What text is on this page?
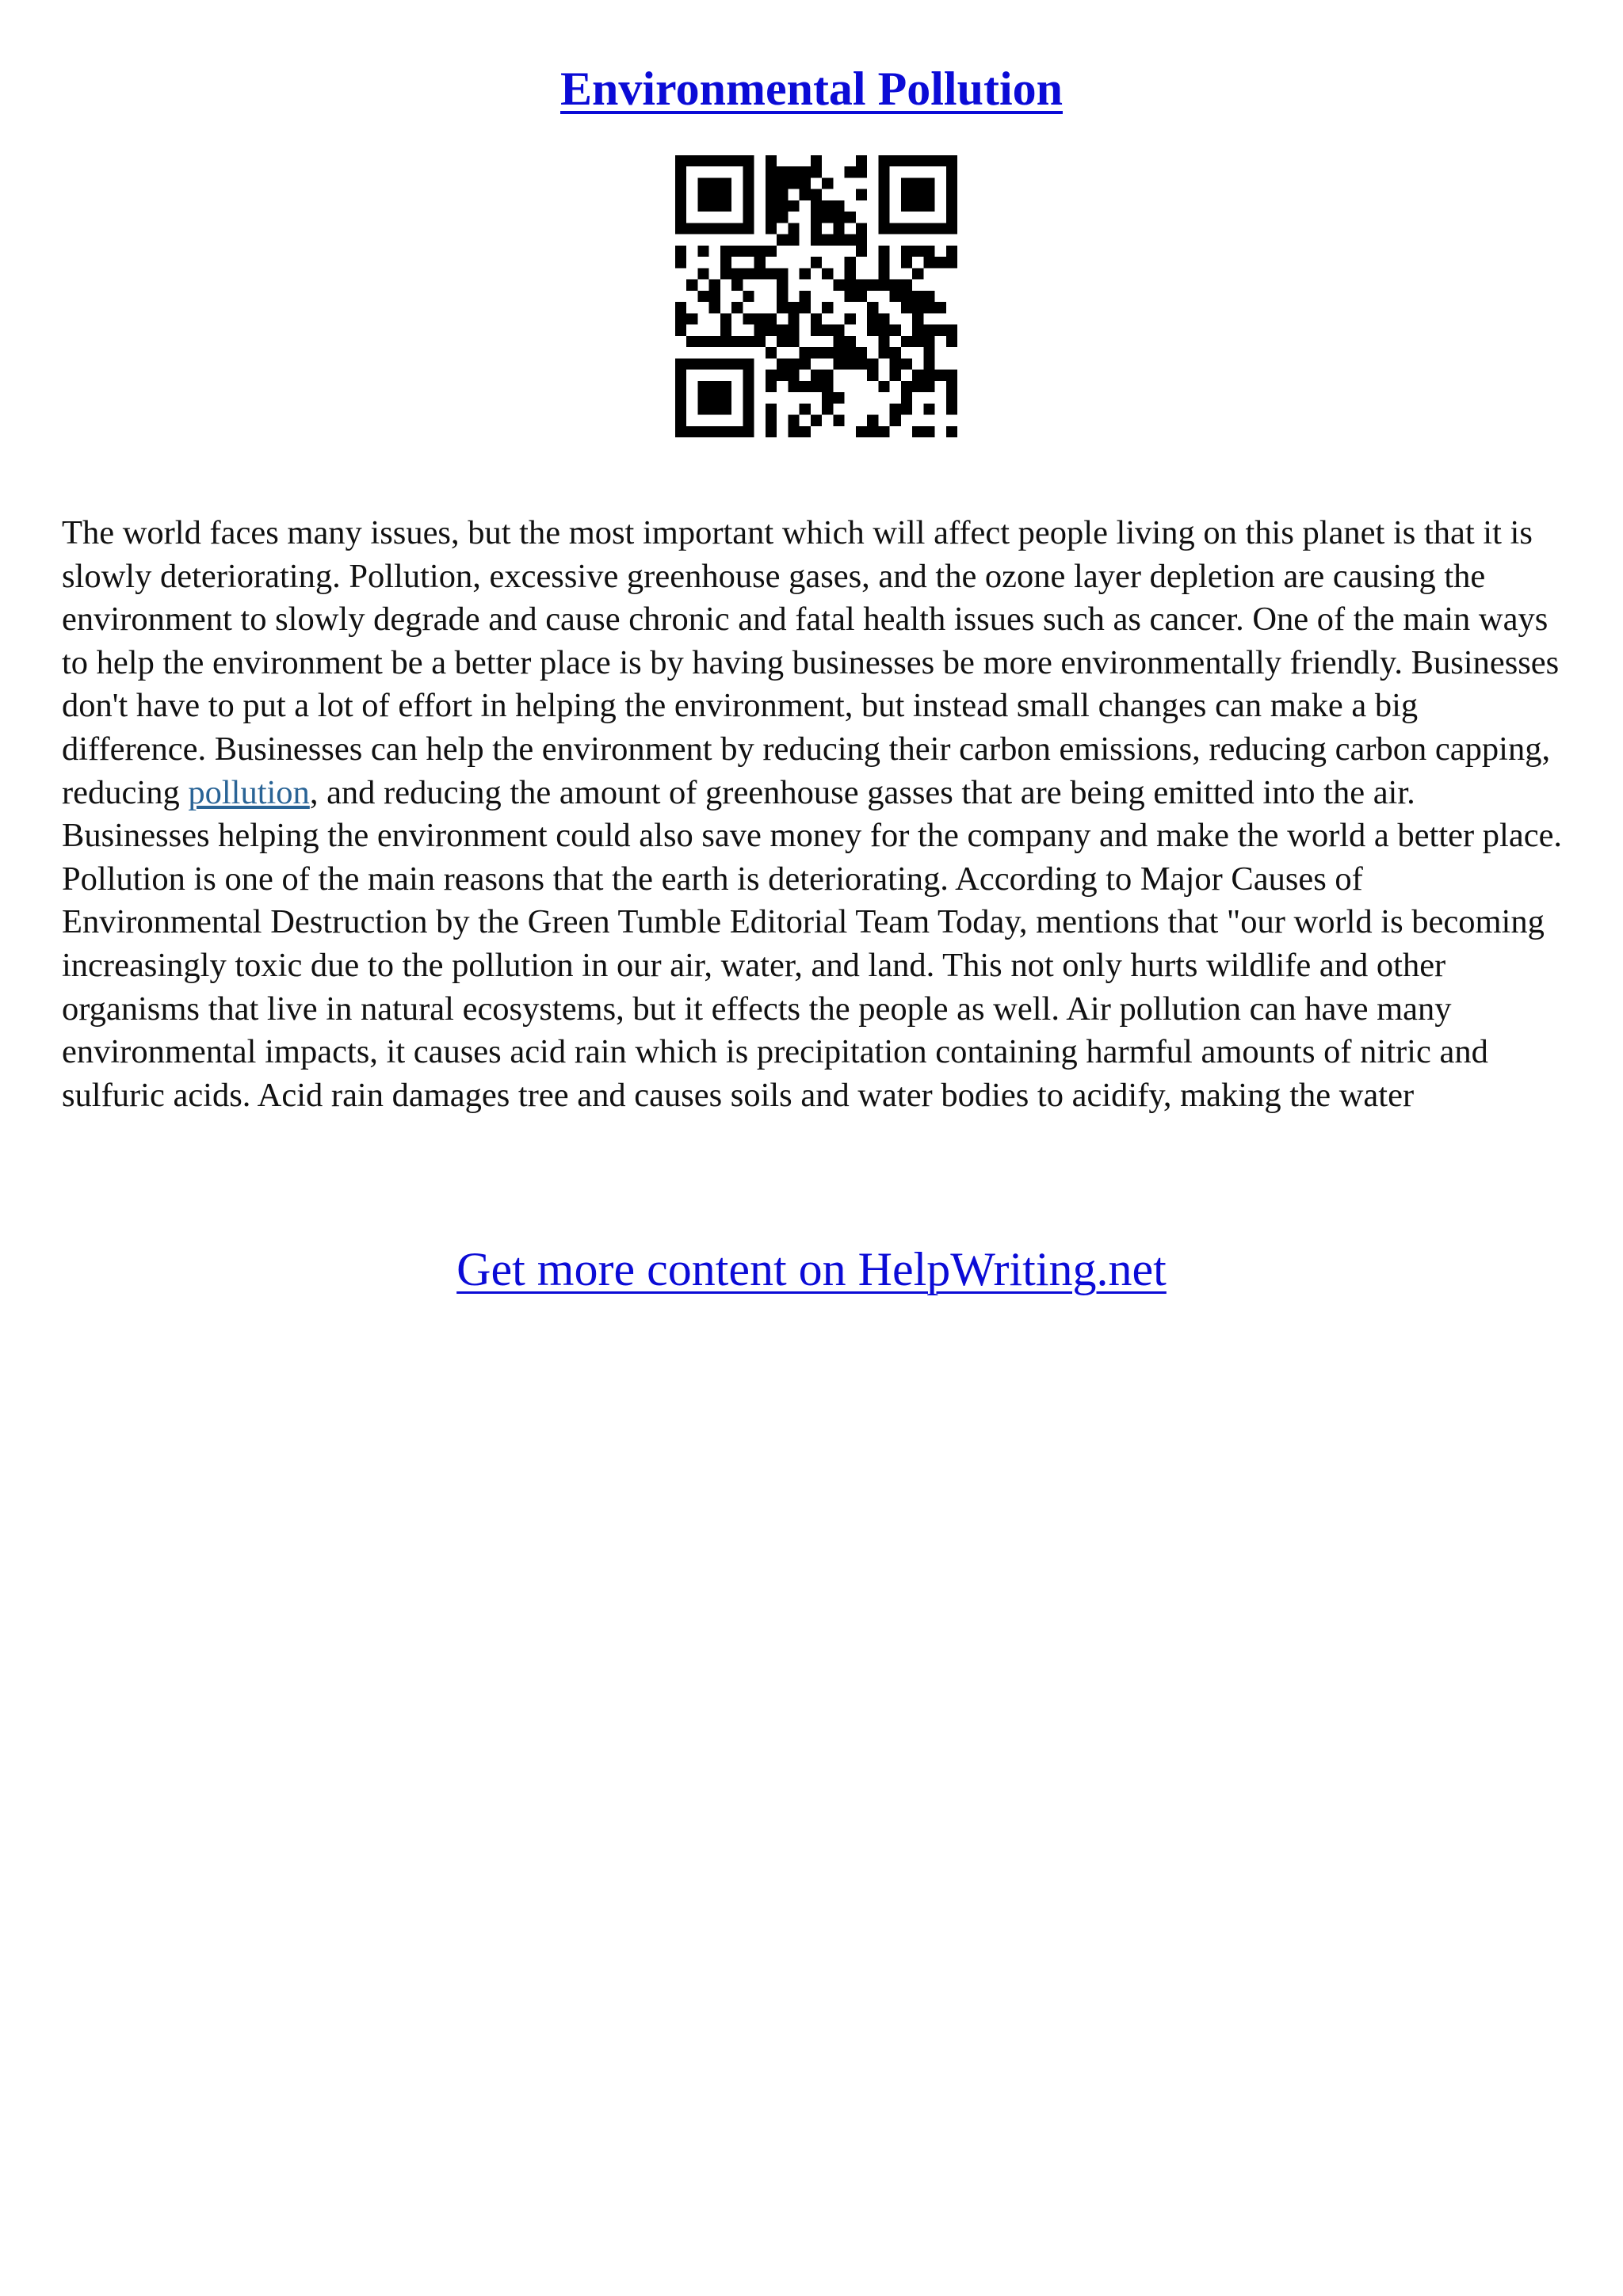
Environmental Pollution

The world faces many issues, but the most important which will affect people living on this planet is that it is slowly deteriorating. Pollution, excessive greenhouse gases, and the ozone layer depletion are causing the environment to slowly degrade and cause chronic and fatal health issues such as cancer. One of the main ways to help the environment be a better place is by having businesses be more environmentally friendly. Businesses don't have to put a lot of effort in helping the environment, but instead small changes can make a big difference. Businesses can help the environment by reducing their carbon emissions, reducing carbon capping, reducing pollution, and reducing the amount of greenhouse gasses that are being emitted into the air. Businesses helping the environment could also save money for the company and make the world a better place. Pollution is one of the main reasons that the earth is deteriorating. According to Major Causes of Environmental Destruction by the Green Tumble Editorial Team Today, mentions that "our world is becoming increasingly toxic due to the pollution in our air, water, and land. This not only hurts wildlife and other organisms that live in natural ecosystems, but it effects the people as well. Air pollution can have many environmental impacts, it causes acid rain which is precipitation containing harmful amounts of nitric and sulfuric acids. Acid rain damages tree and causes soils and water bodies to acidify, making the water

Get more content on HelpWriting.net
